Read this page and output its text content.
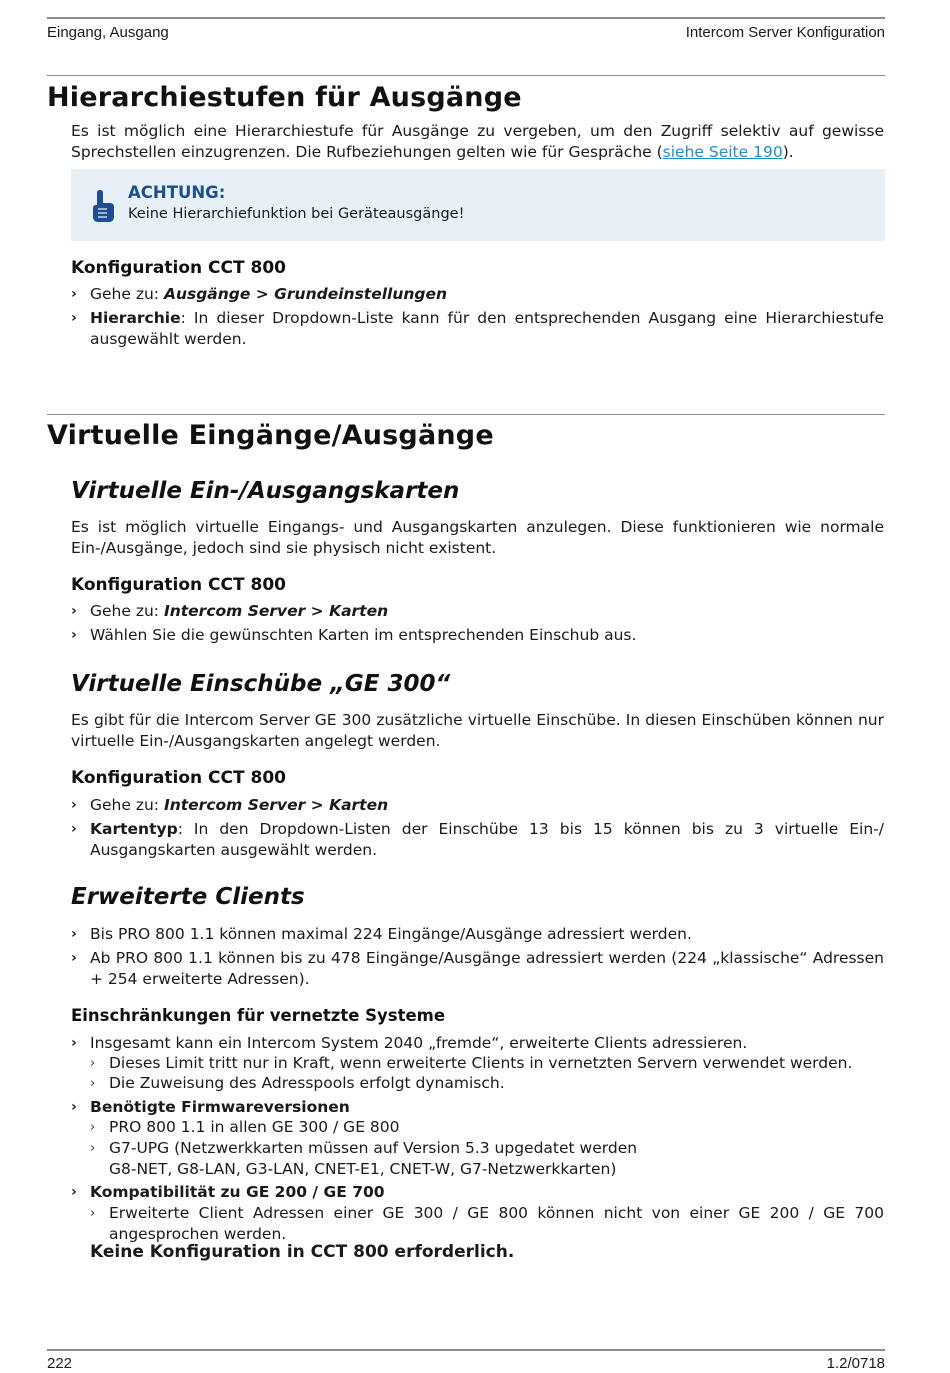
Eingang, Ausgang	Intercom Server Konfiguration
Hierarchiestufen für Ausgänge
Es ist möglich eine Hierarchiestufe für Ausgänge zu vergeben, um den Zugriff selektiv auf gewisse Sprechstellen einzugrenzen. Die Rufbeziehungen gelten wie für Gespräche (siehe Seite 190).
ACHTUNG:
Keine Hierarchiefunktion bei Geräteausgänge!
Konfiguration CCT 800
› Gehe zu: Ausgänge > Grundeinstellungen
› Hierarchie: In dieser Dropdown-Liste kann für den entsprechenden Ausgang eine Hierarchiestufe ausgewählt werden.
Virtuelle Eingänge/Ausgänge
Virtuelle Ein-/Ausgangskarten
Es ist möglich virtuelle Eingangs- und Ausgangskarten anzulegen. Diese funktionieren wie normale Ein-/Ausgänge, jedoch sind sie physisch nicht existent.
Konfiguration CCT 800
› Gehe zu: Intercom Server > Karten
› Wählen Sie die gewünschten Karten im entsprechenden Einschub aus.
Virtuelle Einschübe „GE 300“
Es gibt für die Intercom Server GE 300 zusätzliche virtuelle Einschübe. In diesen Einschüben können nur virtuelle Ein-/Ausgangskarten angelegt werden.
Konfiguration CCT 800
› Gehe zu: Intercom Server > Karten
› Kartentyp: In den Dropdown-Listen der Einschübe 13 bis 15 können bis zu 3 virtuelle Ein-/ Ausgangskarten ausgewählt werden.
Erweiterte Clients
› Bis PRO 800 1.1 können maximal 224 Eingänge/Ausgänge adressiert werden.
› Ab PRO 800 1.1 können bis zu 478 Eingänge/Ausgänge adressiert werden (224 „klassische“ Adressen + 254 erweiterte Adressen).
Einschränkungen für vernetzte Systeme
› Insgesamt kann ein Intercom System 2040 „fremde“, erweiterte Clients adressieren.
› Dieses Limit tritt nur in Kraft, wenn erweiterte Clients in vernetzten Servern verwendet werden.
› Die Zuweisung des Adresspools erfolgt dynamisch.
› Benötigte Firmwareversionen
› PRO 800 1.1 in allen GE 300 / GE 800
› G7-UPG (Netzwerkkarten müssen auf Version 5.3 upgedatet werden
G8-NET, G8-LAN, G3-LAN, CNET-E1, CNET-W, G7-Netzwerkkarten)
› Kompatibilität zu GE 200 / GE 700
› Erweiterte Client Adressen einer GE 300 / GE 800 können nicht von einer GE 200 / GE 700 angesprochen werden.
Keine Konfiguration in CCT 800 erforderlich.
222	1.2/0718
